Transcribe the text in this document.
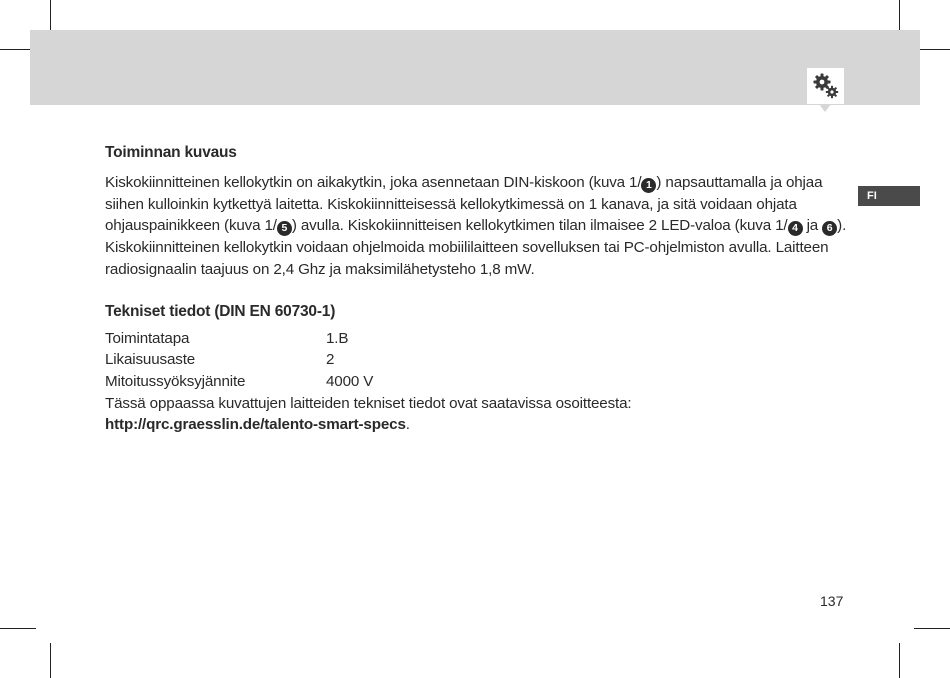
FI
Toiminnan kuvaus

Kiskokiinnitteinen kellokytkin on aikakytkin, joka asennetaan DIN-kiskoon (kuva 1/ 1 ) napsauttamalla ja ohjaa siihen kulloinkin kytkettyä laitetta. Kiskokiinnitteisessä kellokytkimessä on 1 kanava, ja sitä voidaan ohjata ohjauspainikkeen (kuva 1/ 5 ) avulla. Kiskokiinnitteisen kellokytkimen tilan ilmaisee 2 LED-valoa (kuva 1/ 4 ja 6 ). Kiskokiinnitteinen kellokytkin voidaan ohjelmoida mobiililaitteen sovelluksen tai PC-ohjelmiston avulla. Laitteen radiosignaalin taajuus on 2,4 Ghz ja maksimilähetysteho 1,8 mW.

Tekniset tiedot (DIN EN 60730-1)
Toimintatapa	1.B
Likaisuusaste	2
Mitoitussyöksyjännite	4000 V

Tässä oppaassa kuvattujen laitteiden tekniset tiedot ovat saatavissa osoitteesta:

http://qrc.graesslin.de/talento-smart-specs.

137
